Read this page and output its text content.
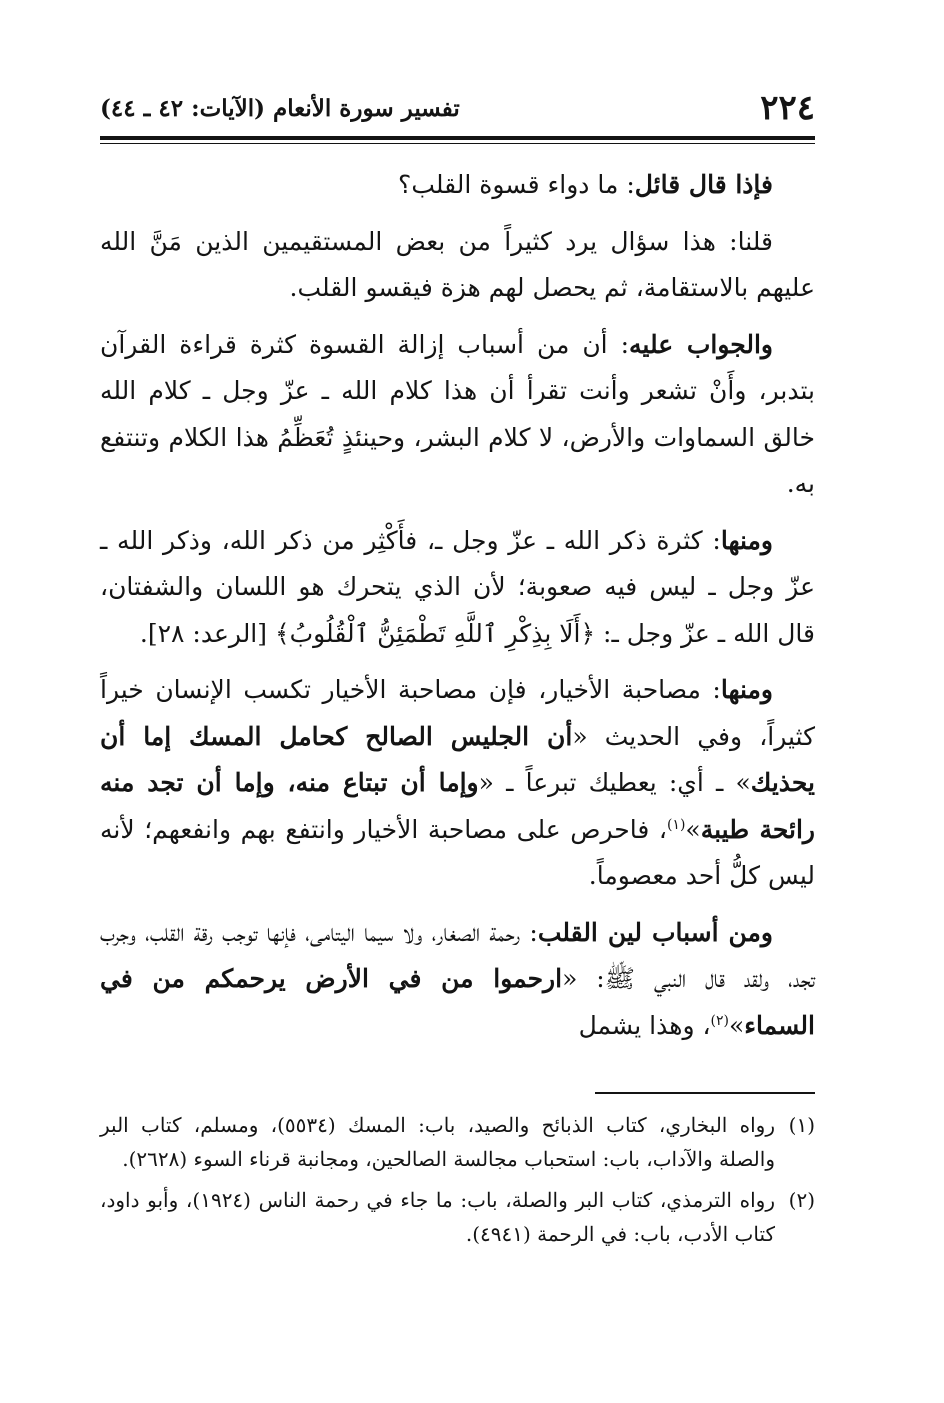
٢٢٤
تفسير سورة الأنعام (الآيات: ٤٢ ـ ٤٤)

فإذا قال قائل: ما دواء قسوة القلب؟

قلنا: هذا سؤال يرد كثيراً من بعض المستقيمين الذين مَنَّ الله عليهم بالاستقامة، ثم يحصل لهم هزة فيقسو القلب.

والجواب عليه: أن من أسباب إزالة القسوة كثرة قراءة القرآن بتدبر، وأَنْ تشعر وأنت تقرأ أن هذا كلام الله ـ عزّ وجل ـ كلام الله خالق السماوات والأرض، لا كلام البشر، وحينئذٍ تُعَظِّمُ هذا الكلام وتنتفع به.

ومنها: كثرة ذكر الله ـ عزّ وجل ـ، فأَكْثِر من ذكر الله، وذكر الله ـ عزّ وجل ـ ليس فيه صعوبة؛ لأن الذي يتحرك هو اللسان والشفتان، قال الله ـ عزّ وجل ـ: ﴿أَلَا بِذِكْرِ ٱللَّهِ تَطْمَئِنُّ ٱلْقُلُوبُ﴾ [الرعد: ٢٨].

ومنها: مصاحبة الأخيار، فإن مصاحبة الأخيار تكسب الإنسان خيراً كثيراً، وفي الحديث «أن الجليس الصالح كحامل المسك إما أن يحذيك» ـ أي: يعطيك تبرعاً ـ «وإما أن تبتاع منه، وإما أن تجد منه رائحة طيبة»$^{(١)}$، فاحرص على مصاحبة الأخيار وانتفع بهم وانفعهم؛ لأنه ليس كلُّ أحد معصوماً.

ومن أسباب لين القلب: رحمة الصغار، ولا سيما اليتامى، فإنها توجب رقة القلب، وجرب تجد، ولقد قال النبي ﷺ: «ارحموا من في الأرض يرحمكم من في السماء»$^{(٢)}$، وهذا يشمل

(١)
رواه البخاري، كتاب الذبائح والصيد، باب: المسك (٥٥٣٤)، ومسلم، كتاب البر والصلة والآداب، باب: استحباب مجالسة الصالحين، ومجانبة قرناء السوء (٢٦٢٨).
(٢)
رواه الترمذي، كتاب البر والصلة، باب: ما جاء في رحمة الناس (١٩٢٤)، وأبو داود، كتاب الأدب، باب: في الرحمة (٤٩٤١).
